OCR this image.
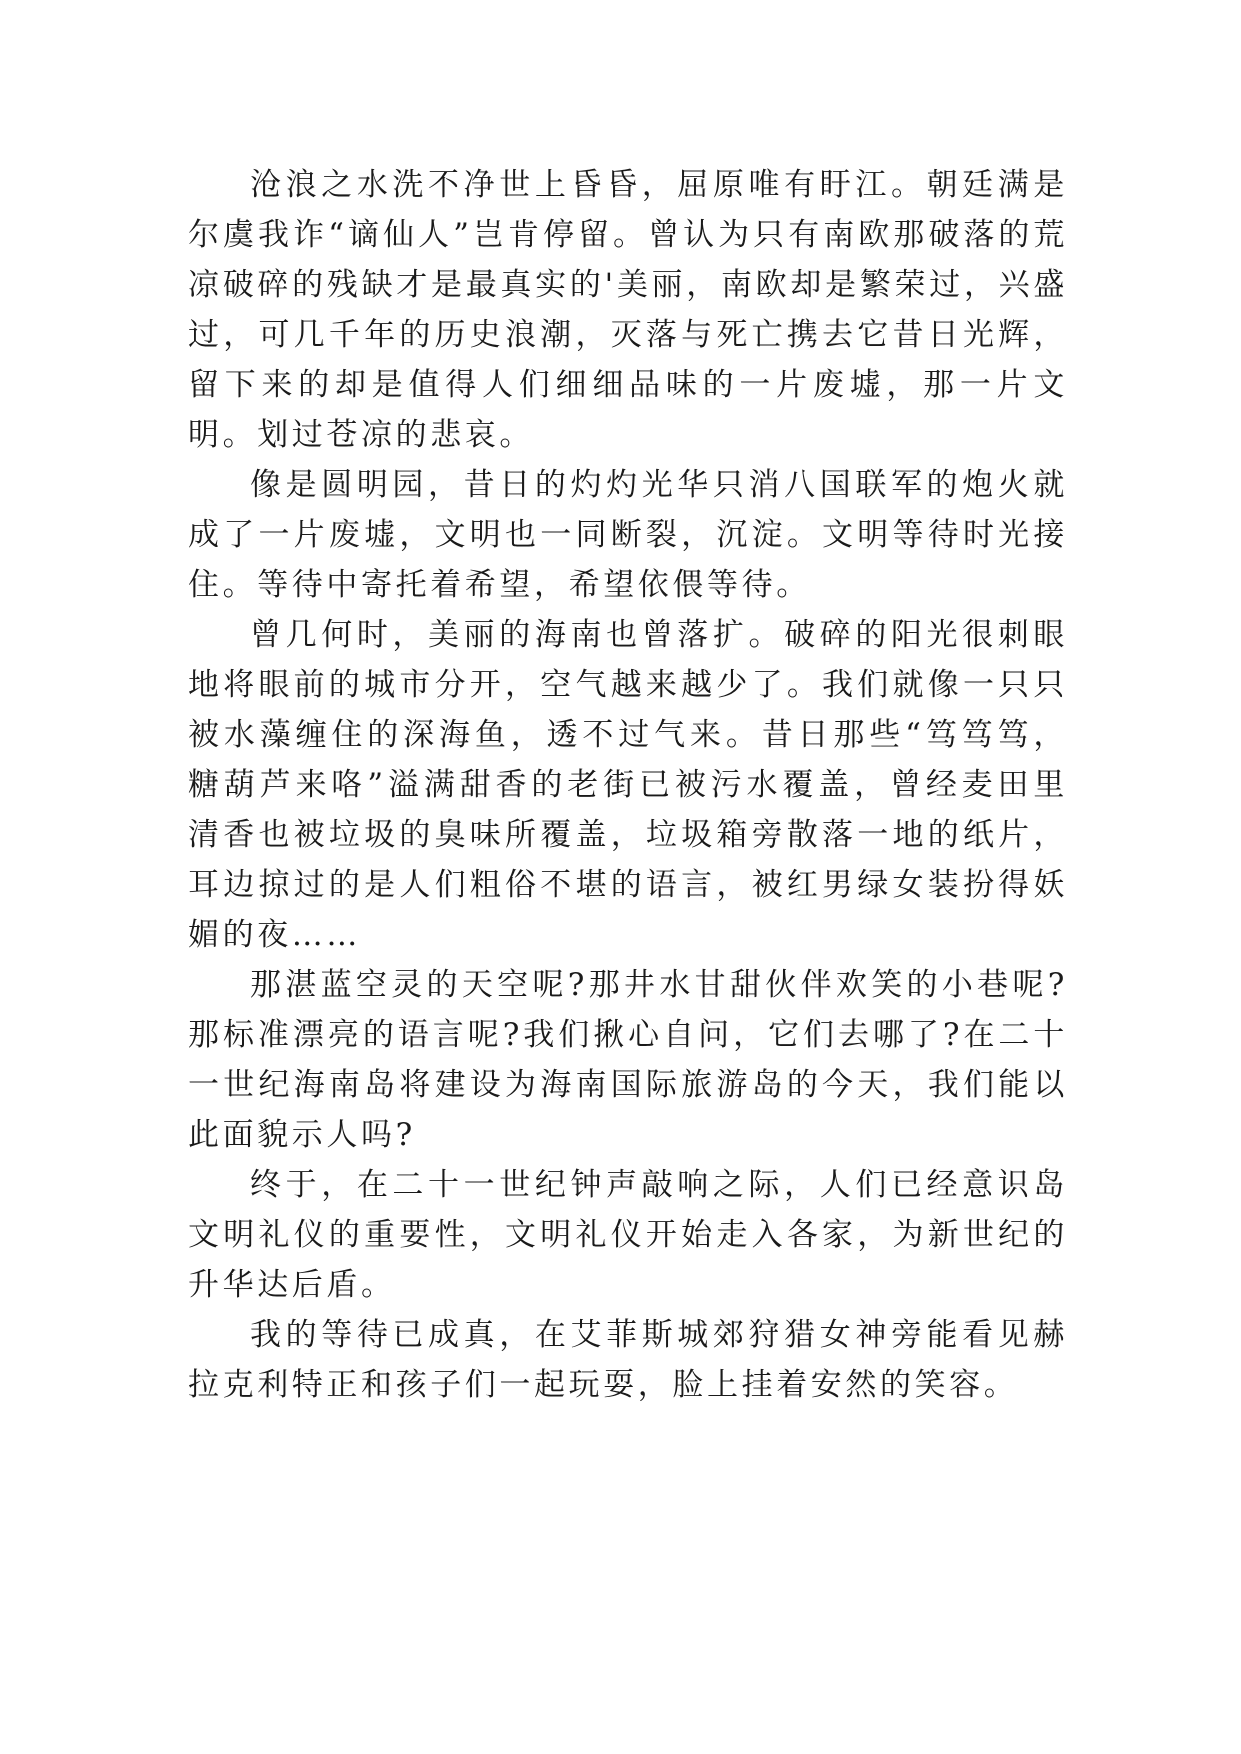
沧浪之水洗不净世上昏昏，屈原唯有盱江。朝廷满是尔虞我诈“谪仙人”岂肯停留。曾认为只有南欧那破落的荒凉破碎的残缺才是最真实的'美丽，南欧却是繁荣过，兴盛过，可几千年的历史浪潮，灭落与死亡携去它昔日光辉，留下来的却是值得人们细细品味的一片废墟，那一片文明。划过苍凉的悲哀。

像是圆明园，昔日的灼灼光华只消八国联军的炮火就成了一片废墟，文明也一同断裂，沉淀。文明等待时光接住。等待中寄托着希望，希望依偎等待。

曾几何时，美丽的海南也曾落扩。破碎的阳光很刺眼地将眼前的城市分开，空气越来越少了。我们就像一只只被水藻缠住的深海鱼，透不过气来。昔日那些“笃笃笃，糖葫芦来咯”溢满甜香的老街已被污水覆盖，曾经麦田里清香也被垃圾的臭味所覆盖，垃圾箱旁散落一地的纸片，耳边掠过的是人们粗俗不堪的语言，被红男绿女装扮得妖媚的夜……

那湛蓝空灵的天空呢?那井水甘甜伙伴欢笑的小巷呢?那标准漂亮的语言呢?我们揪心自问，它们去哪了?在二十一世纪海南岛将建设为海南国际旅游岛的今天，我们能以此面貌示人吗?

终于，在二十一世纪钟声敲响之际，人们已经意识岛文明礼仪的重要性，文明礼仪开始走入各家，为新世纪的升华达后盾。

我的等待已成真，在艾菲斯城郊狩猎女神旁能看见赫拉克利特正和孩子们一起玩耍，脸上挂着安然的笑容。
